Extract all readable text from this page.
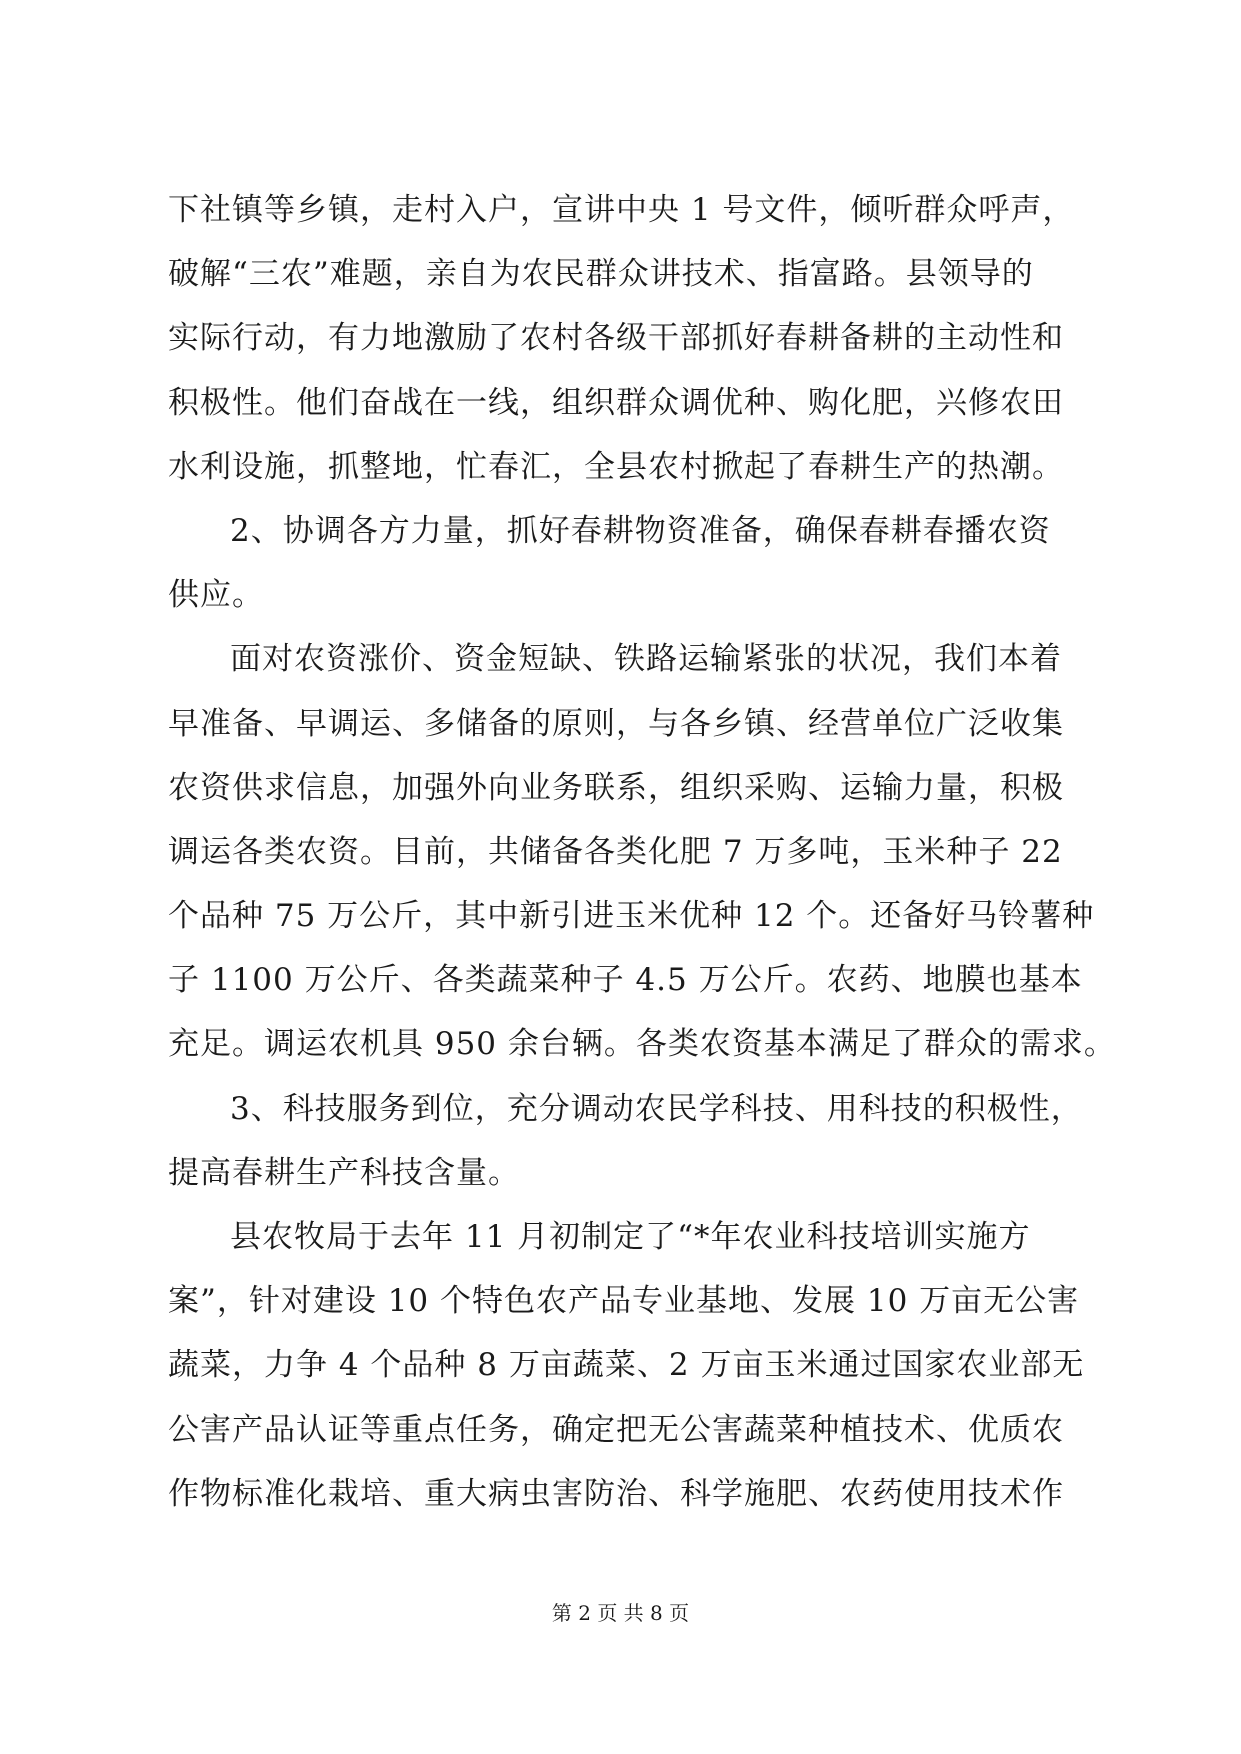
下社镇等乡镇，走村入户，宣讲中央 1 号文件，倾听群众呼声，
破解“三农”难题，亲自为农民群众讲技术、指富路。县领导的
实际行动，有力地激励了农村各级干部抓好春耕备耕的主动性和
积极性。他们奋战在一线，组织群众调优种、购化肥，兴修农田
水利设施，抓整地，忙春汇，全县农村掀起了春耕生产的热潮。
2、协调各方力量，抓好春耕物资准备，确保春耕春播农资
供应。
面对农资涨价、资金短缺、铁路运输紧张的状况，我们本着
早准备、早调运、多储备的原则，与各乡镇、经营单位广泛收集
农资供求信息，加强外向业务联系，组织采购、运输力量，积极
调运各类农资。目前，共储备各类化肥 7 万多吨，玉米种子 22
个品种 75 万公斤，其中新引进玉米优种 12 个。还备好马铃薯种
子 1100 万公斤、各类蔬菜种子 4.5 万公斤。农药、地膜也基本
充足。调运农机具 950 余台辆。各类农资基本满足了群众的需求。
3、科技服务到位，充分调动农民学科技、用科技的积极性，
提高春耕生产科技含量。
县农牧局于去年 11 月初制定了“*年农业科技培训实施方
案”，针对建设 10 个特色农产品专业基地、发展 10 万亩无公害
蔬菜，力争 4 个品种 8 万亩蔬菜、2 万亩玉米通过国家农业部无
公害产品认证等重点任务，确定把无公害蔬菜种植技术、优质农
作物标准化栽培、重大病虫害防治、科学施肥、农药使用技术作
第 2 页 共 8 页
